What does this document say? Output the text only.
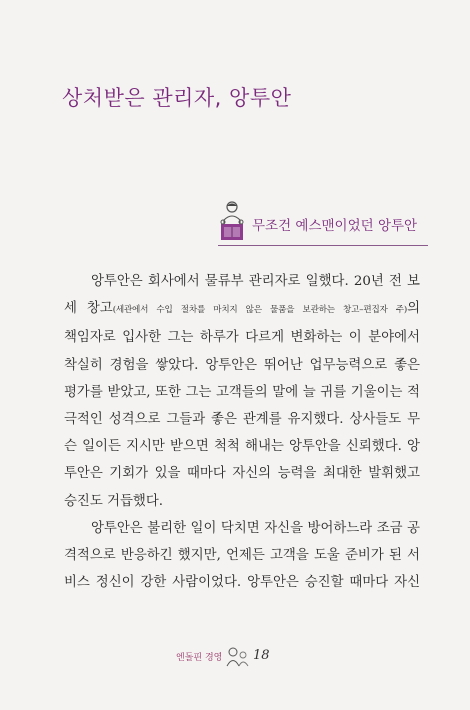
상처받은 관리자, 앙투안
무조건 예스맨이었던 앙투안
앙투안은 회사에서 물류부 관리자로 일했다. 20년 전 보
세 창고(세관에서 수입 절차를 마치지 않은 물품을 보관하는 창고–편집자 주)의
책임자로 입사한 그는 하루가 다르게 변화하는 이 분야에서
착실히 경험을 쌓았다. 앙투안은 뛰어난 업무능력으로 좋은
평가를 받았고, 또한 그는 고객들의 말에 늘 귀를 기울이는 적
극적인 성격으로 그들과 좋은 관계를 유지했다. 상사들도 무
슨 일이든 지시만 받으면 척척 해내는 앙투안을 신뢰했다. 앙
투안은 기회가 있을 때마다 자신의 능력을 최대한 발휘했고
승진도 거듭했다.
앙투안은 불리한 일이 닥치면 자신을 방어하느라 조금 공
격적으로 반응하긴 했지만, 언제든 고객을 도울 준비가 된 서
비스 정신이 강한 사람이었다. 앙투안은 승진할 때마다 자신
엔돌핀 경영 18
